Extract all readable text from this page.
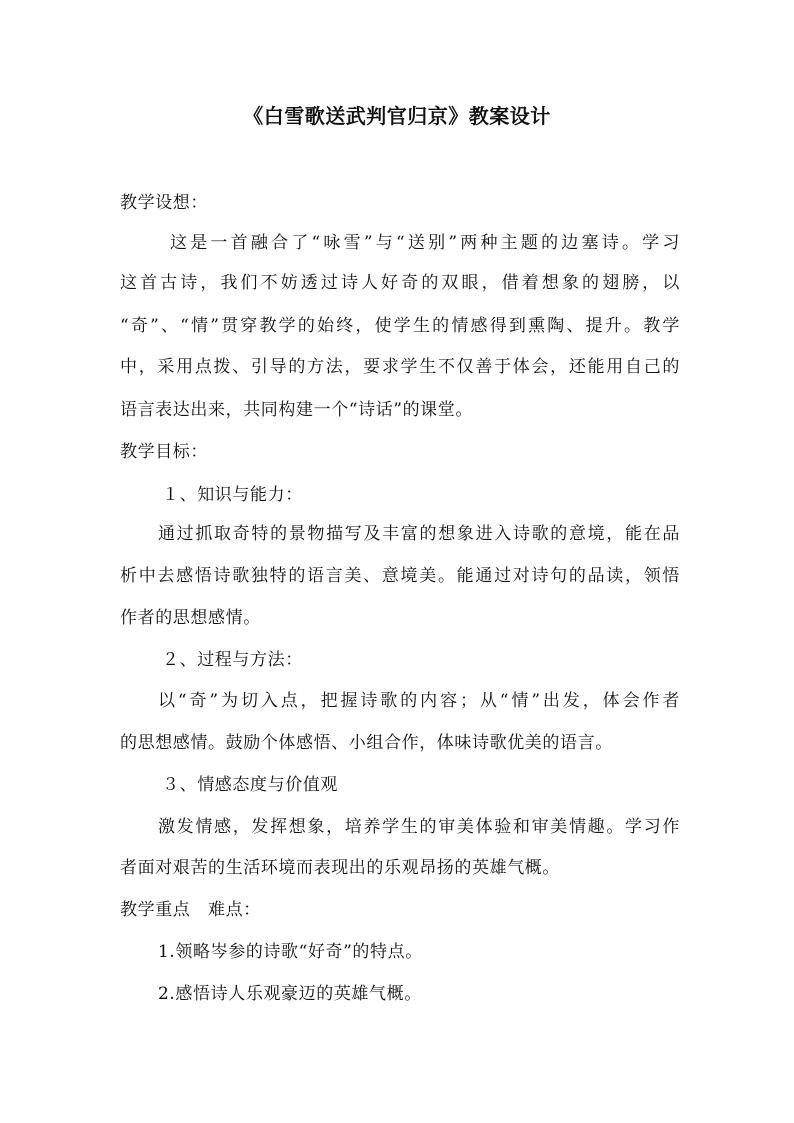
《白雪歌送武判官归京》教案设计
教学设想：
这是一首融合了“咏雪”与“送别”两种主题的边塞诗。学习
这首古诗，我们不妨透过诗人好奇的双眼，借着想象的翅膀，以
“奇”、“情”贯穿教学的始终，使学生的情感得到熏陶、提升。教学
中，采用点拨、引导的方法，要求学生不仅善于体会，还能用自己的
语言表达出来，共同构建一个“诗话”的课堂。
教学目标：
１、知识与能力：
通过抓取奇特的景物描写及丰富的想象进入诗歌的意境，能在品
析中去感悟诗歌独特的语言美、意境美。能通过对诗句的品读，领悟
作者的思想感情。
２、过程与方法：
以“奇”为切入点，把握诗歌的内容；从“情”出发，体会作者
的思想感情。鼓励个体感悟、小组合作，体味诗歌优美的语言。
３、情感态度与价值观
激发情感，发挥想象，培养学生的审美体验和审美情趣。学习作
者面对艰苦的生活环境而表现出的乐观昂扬的英雄气概。
教学重点　难点：
1.领略岑参的诗歌“好奇”的特点。
2.感悟诗人乐观豪迈的英雄气概。
